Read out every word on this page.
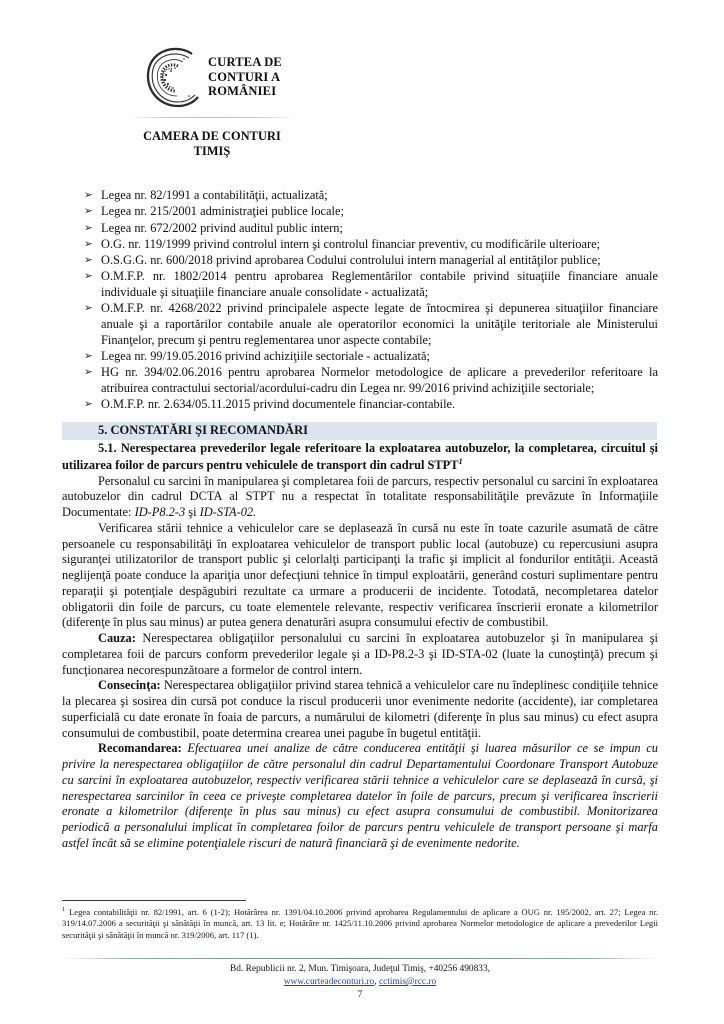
CURTEA DE
CONTURI A
ROMÂNIEI
CAMERA DE CONTURI
TIMIŞ
➢ Legea nr. 82/1991 a contabilităţii, actualizată;
➢ Legea nr. 215/2001 administraţiei publice locale;
➢ Legea nr. 672/2002 privind auditul public intern;
➢ O.G. nr. 119/1999 privind controlul intern şi controlul financiar preventiv, cu modificările ulterioare;
➢ O.S.G.G. nr. 600/2018 privind aprobarea Codului controlului intern managerial al entităţilor publice;
➢ O.M.F.P. nr. 1802/2014 pentru aprobarea Reglementărilor contabile privind situaţiile financiare anuale individuale şi situaţiile financiare anuale consolidate - actualizată;
➢ O.M.F.P. nr. 4268/2022 privind principalele aspecte legate de întocmirea şi depunerea situaţiilor financiare anuale şi a raportărilor contabile anuale ale operatorilor economici la unităţile teritoriale ale Ministerului Finanţelor, precum şi pentru reglementarea unor aspecte contabile;
➢ Legea nr. 99/19.05.2016 privind achiziţiile sectoriale - actualizată;
➢ HG nr. 394/02.06.2016 pentru aprobarea Normelor metodologice de aplicare a prevederilor referitoare la atribuirea contractului sectorial/acordului-cadru din Legea nr. 99/2016 privind achiziţiile sectoriale;
➢ O.M.F.P. nr. 2.634/05.11.2015 privind documentele financiar-contabile.
5. CONSTATĂRI ŞI RECOMANDĂRI
5.1. Nerespectarea prevederilor legale referitoare la exploatarea autobuzelor, la completarea, circuitul şi utilizarea foilor de parcurs pentru vehiculele de transport din cadrul STPT$^1$

Personalul cu sarcini în manipularea şi completarea foii de parcurs, respectiv personalul cu sarcini în exploatarea autobuzelor din cadrul DCTA al STPT nu a respectat în totalitate responsabilităţile prevăzute în Informaţiile Documentate: ID-P8.2-3 şi ID-STA-02.

Verificarea stării tehnice a vehiculelor care se deplasează în cursă nu este în toate cazurile asumată de către persoanele cu responsabilităţi în exploatarea vehiculelor de transport public local (autobuze) cu repercusiuni asupra siguranţei utilizatorilor de transport public şi celorlalţi participanţi la trafic şi implicit al fondurilor entităţii. Această neglijenţă poate conduce la apariţia unor defecţiuni tehnice în timpul exploatării, generând costuri suplimentare pentru reparaţii şi potenţiale despăgubiri rezultate ca urmare a producerii de incidente. Totodată, necompletarea datelor obligatorii din foile de parcurs, cu toate elementele relevante, respectiv verificarea înscrierii eronate a kilometrilor (diferenţe în plus sau minus) ar putea genera denaturări asupra consumului efectiv de combustibil.

Cauza: Nerespectarea obligaţiilor personalului cu sarcini în exploatarea autobuzelor şi în manipularea şi completarea foii de parcurs conform prevederilor legale şi a ID-P8.2-3 şi ID-STA-02 (luate la cunoştinţă) precum şi funcţionarea necorespunzătoare a formelor de control intern.

Consecinţa: Nerespectarea obligaţiilor privind starea tehnică a vehiculelor care nu îndeplinesc condiţiile tehnice la plecarea şi sosirea din cursă pot conduce la riscul producerii unor evenimente nedorite (accidente), iar completarea superficială cu date eronate în foaia de parcurs, a numărului de kilometri (diferenţe în plus sau minus) cu efect asupra consumului de combustibil, poate determina crearea unei pagube în bugetul entităţii.

Recomandarea: Efectuarea unei analize de către conducerea entităţii şi luarea măsurilor ce se impun cu privire la nerespectarea obligaţiilor de către personalul din cadrul Departamentului Coordonare Transport Autobuze cu sarcini în exploatarea autobuzelor, respectiv verificarea stării tehnice a vehiculelor care se deplasează în cursă, şi nerespectarea sarcinilor în ceea ce priveşte completarea datelor în foile de parcurs, precum şi verificarea înscrierii eronate a kilometrilor (diferenţe în plus sau minus) cu efect asupra consumului de combustibil. Monitorizarea periodică a personalului implicat în completarea foilor de parcurs pentru vehiculele de transport persoane şi marfa astfel încât să se elimine potenţialele riscuri de natură financiară şi de evenimente nedorite.

$^1$ Legea contabilităţii nr. 82/1991, art. 6 (1-2); Hotărârea nr. 1391/04.10.2006 privind aprobarea Regulamentului de aplicare a OUG nr. 195/2002, art. 27; Legea nr. 319/14.07.2006 a securităţii şi sănătăţii în muncă, art. 13 lit. e; Hotărâre nr. 1425/11.10.2006 privind aprobarea Normelor metodologice de aplicare a prevederilor Legii securităţii şi sănătăţii în muncă nr. 319/2006, art. 117 (1).
Bd. Republicii nr. 2, Mun. Timişoara, Judeţul Timiş, +40256 490833,
www.curteadeconturi.ro, cctimis@rcc.ro
7
